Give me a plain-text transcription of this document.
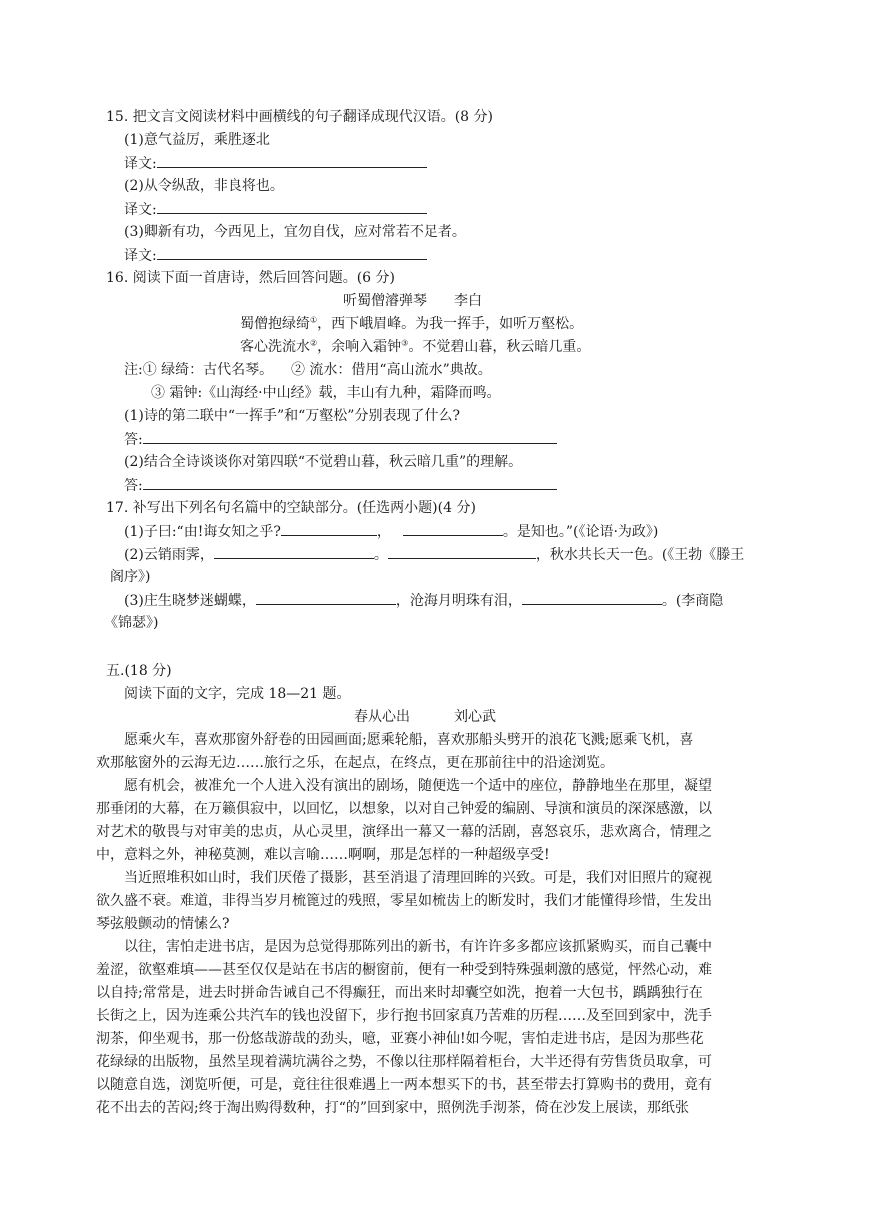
15. 把文言文阅读材料中画横线的句子翻译成现代汉语。(8 分)
(1)意气益厉，乘胜逐北
译文:
(2)从令纵敌，非良将也。
译文:
(3)卿新有功，今西见上，宜勿自伐，应对常若不足者。
译文:
16. 阅读下面一首唐诗，然后回答问题。(6 分)
听蜀僧濬弹琴 李白
蜀僧抱绿绮①，西下峨眉峰。为我一挥手，如听万壑松。
客心洗流水②，余响入霜钟③。不觉碧山暮，秋云暗几重。
注:① 绿绮：古代名琴。    ② 流水：借用“高山流水”典故。
③ 霜钟:《山海经·中山经》载，丰山有九种，霜降而鸣。
(1)诗的第二联中“一挥手”和“万壑松”分别表现了什么?
答:
(2)结合全诗谈谈你对第四联“不觉碧山暮，秋云暗几重”的理解。
答:
17. 补写出下列名句名篇中的空缺部分。(任选两小题)(4 分)
(1)子曰:“由!诲女知之乎?	，	。是知也。”(《论语·为政》)
(2)云销雨霁，	。	，秋水共长天一色。(《王勃《滕王
阁序》)
(3)庄生晓梦迷蝴蝶，	，沧海月明珠有泪，	。(李商隐
《锦瑟》)
五.(18 分)
阅读下面的文字，完成 18—21 题。
春从心出	刘心武
愿乘火车，喜欢那窗外舒卷的田园画面;愿乘轮船，喜欢那船头劈开的浪花飞溅;愿乘飞机，喜
欢那舷窗外的云海无边……旅行之乐，在起点，在终点，更在那前往中的沿途浏览。
愿有机会，被准允一个人进入没有演出的剧场，随便选一个适中的座位，静静地坐在那里，凝望
那垂闭的大幕，在万籁俱寂中，以回忆，以想象，以对自己钟爱的编剧、导演和演员的深深感激，以
对艺术的敬畏与对审美的忠贞，从心灵里，演绎出一幕又一幕的活剧，喜怒哀乐，悲欢离合，情理之
中，意料之外，神秘莫测，难以言喻……啊啊，那是怎样的一种超级享受!
当近照堆积如山时，我们厌倦了摄影，甚至消退了清理回眸的兴致。可是，我们对旧照片的窥视
欲久盛不衰。难道，非得当岁月梳篦过的残照，零星如梳齿上的断发时，我们才能懂得珍惜，生发出
琴弦般颤动的情愫么?
以往，害怕走进书店，是因为总觉得那陈列出的新书，有许许多多都应该抓紧购买，而自己囊中
羞涩，欲壑难填——甚至仅仅是站在书店的橱窗前，便有一种受到特殊强刺激的感觉，怦然心动，难
以自持;常常是，进去时拼命告诫自己不得癫狂，而出来时却囊空如洗，抱着一大包书，踽踽独行在
长街之上，因为连乘公共汽车的钱也没留下，步行抱书回家真乃苦难的历程……及至回到家中，洗手
沏茶，仰坐观书，那一份悠哉游哉的劲头，噫，亚赛小神仙!如今呢，害怕走进书店，是因为那些花
花绿绿的出版物，虽然呈现着满坑满谷之势，不像以往那样隔着柜台，大半还得有劳售货员取拿，可
以随意自选，浏览听便，可是，竟往往很难遇上一两本想买下的书，甚至带去打算购书的费用，竟有
花不出去的苦闷;终于淘出购得数种，打“的”回到家中，照例洗手沏茶，倚在沙发上展读，那纸张
